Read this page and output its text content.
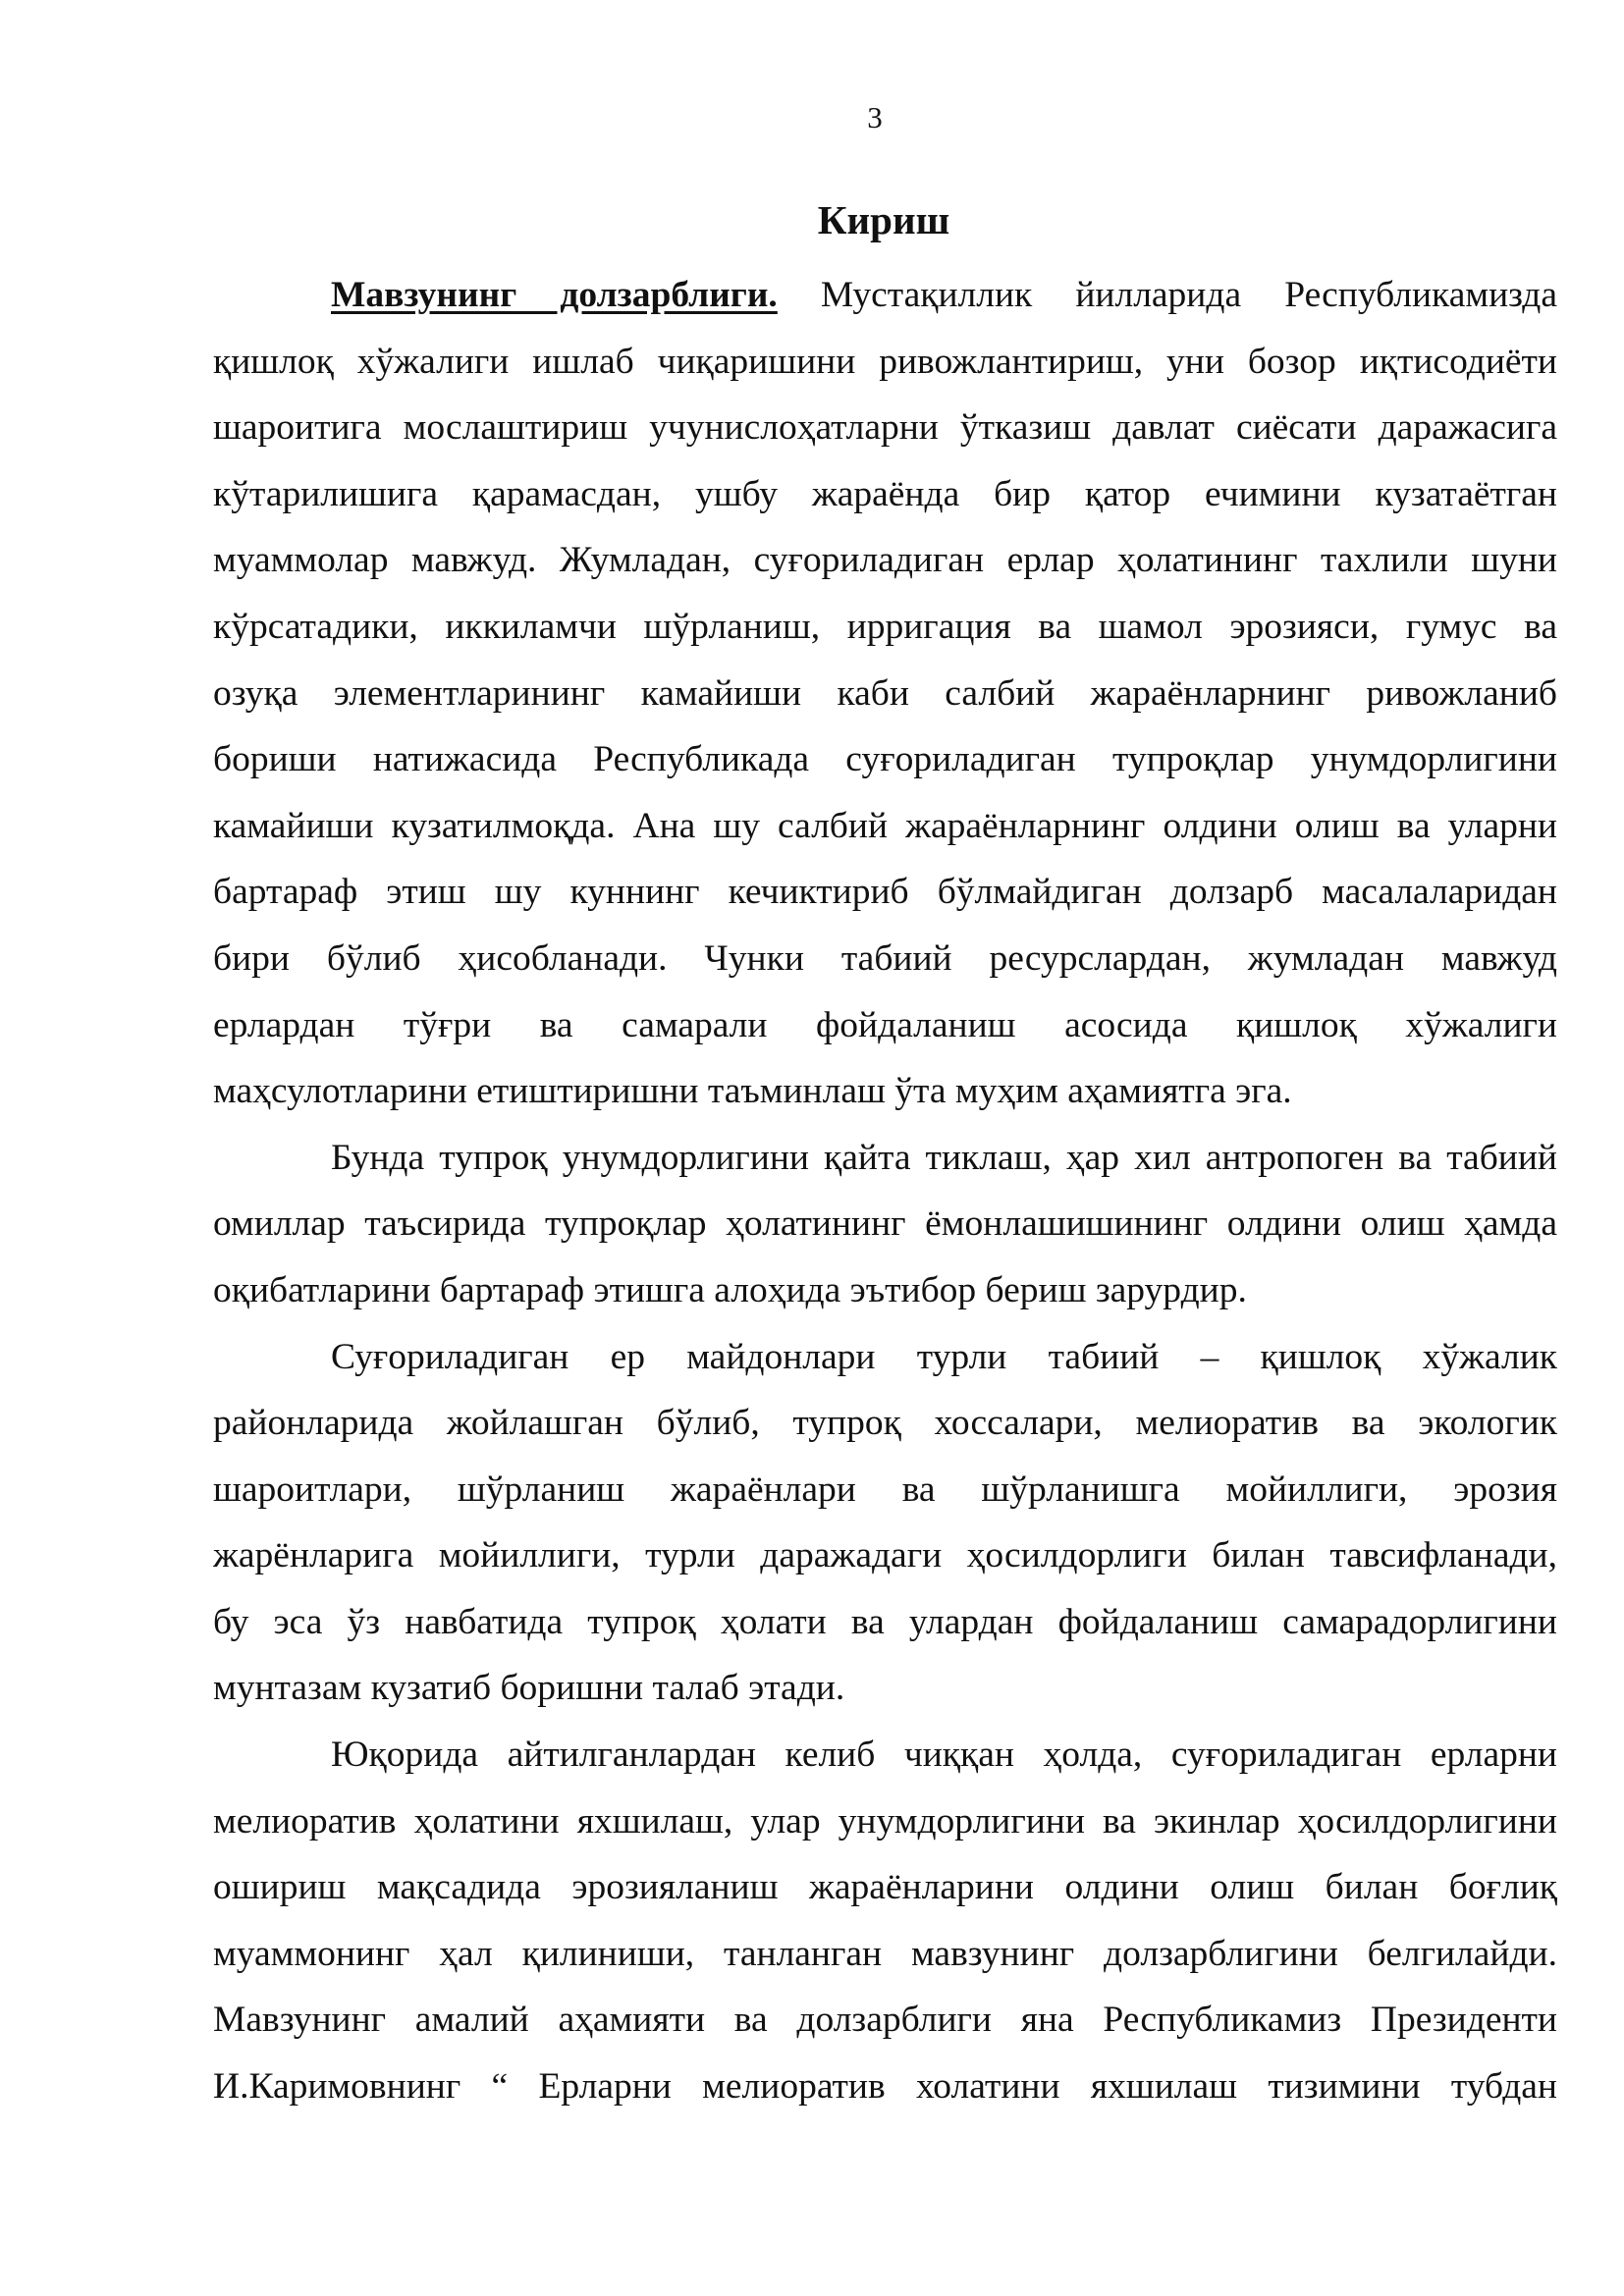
3
Кириш

Мавзунинг долзарблиги. Мустақиллик йилларида Республикамизда
қишлоқ хўжалиги ишлаб чиқаришини ривожлантириш, уни бозор иқтисодиёти
шароитига мослаштириш учунислоҳатларни ўтказиш давлат сиёсати даражасига
кўтарилишига қарамасдан, ушбу жараёнда бир қатор ечимини кузатаётган
муаммолар мавжуд. Жумладан, суғориладиган ерлар ҳолатининг тахлили шуни
кўрсатадики, иккиламчи шўрланиш, ирригация ва шамол эрозияси, гумус ва
озуқа элементларининг камайиши каби салбий жараёнларнинг ривожланиб
бориши натижасида Республикада суғориладиган тупроқлар унумдорлигини
камайиши кузатилмоқда. Ана шу салбий жараёнларнинг олдини олиш ва уларни
бартараф этиш шу куннинг кечиктириб бўлмайдиган долзарб масалаларидан
бири бўлиб ҳисобланади. Чунки табиий ресурслардан, жумладан мавжуд
ерлардан тўғри ва самарали фойдаланиш асосида қишлоқ хўжалиги
маҳсулотларини етиштиришни таъминлаш ўта муҳим аҳамиятга эга.

Бунда тупроқ унумдорлигини қайта тиклаш, ҳар хил антропоген ва табиий
омиллар таъсирида тупроқлар ҳолатининг ёмонлашишининг олдини олиш ҳамда
оқибатларини бартараф этишга алоҳида эътибор бериш зарурдир.

Суғориладиган ер майдонлари турли табиий – қишлоқ хўжалик
районларида жойлашган бўлиб, тупроқ хоссалари, мелиоратив ва экологик
шароитлари, шўрланиш жараёнлари ва шўрланишга мойиллиги, эрозия
жарёнларига мойиллиги, турли даражадаги ҳосилдорлиги билан тавсифланади,
бу эса ўз навбатида тупроқ ҳолати ва улардан фойдаланиш самарадорлигини
мунтазам кузатиб боришни талаб этади.

Юқорида айтилганлардан келиб чиққан ҳолда, суғориладиган ерларни
мелиоратив ҳолатини яхшилаш, улар унумдорлигини ва экинлар ҳосилдорлигини
ошириш мақсадида эрозияланиш жараёнларини олдини олиш билан боғлиқ
муаммонинг ҳал қилиниши, танланган мавзунинг долзарблигини белгилайди.
Мавзунинг амалий аҳамияти ва долзарблиги яна Республикамиз Президенти
И.Каримовнинг “ Ерларни мелиоратив холатини яхшилаш тизимини тубдан
